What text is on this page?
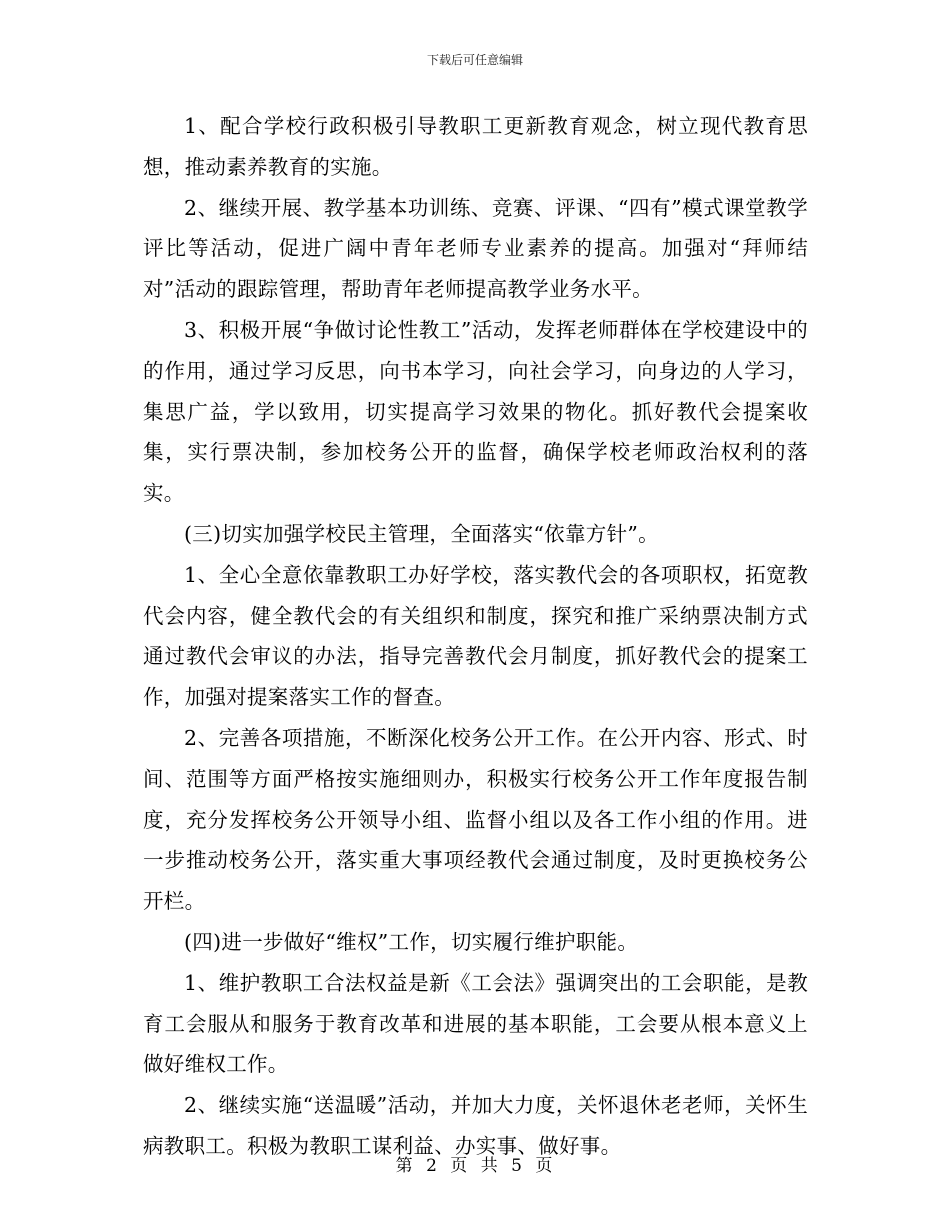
下载后可任意编辑

1、配合学校行政积极引导教职工更新教育观念，树立现代教育思想，推动素养教育的实施。

2、继续开展、教学基本功训练、竞赛、评课、“四有”模式课堂教学评比等活动，促进广阔中青年老师专业素养的提高。加强对“拜师结对”活动的跟踪管理，帮助青年老师提高教学业务水平。

3、积极开展“争做讨论性教工”活动，发挥老师群体在学校建设中的的作用，通过学习反思，向书本学习，向社会学习，向身边的人学习，集思广益，学以致用，切实提高学习效果的物化。抓好教代会提案收集，实行票决制，参加校务公开的监督，确保学校老师政治权利的落实。

(三)切实加强学校民主管理，全面落实“依靠方针”。

1、全心全意依靠教职工办好学校，落实教代会的各项职权，拓宽教代会内容，健全教代会的有关组织和制度，探究和推广采纳票决制方式通过教代会审议的办法，指导完善教代会月制度，抓好教代会的提案工作，加强对提案落实工作的督查。

2、完善各项措施，不断深化校务公开工作。在公开内容、形式、时间、范围等方面严格按实施细则办，积极实行校务公开工作年度报告制度，充分发挥校务公开领导小组、监督小组以及各工作小组的作用。进一步推动校务公开，落实重大事项经教代会通过制度，及时更换校务公开栏。

(四)进一步做好“维权”工作，切实履行维护职能。

1、维护教职工合法权益是新《工会法》强调突出的工会职能，是教育工会服从和服务于教育改革和进展的基本职能，工会要从根本意义上做好维权工作。

2、继续实施“送温暖”活动，并加大力度，关怀退休老老师，关怀生病教职工。积极为教职工谋利益、办实事、做好事。

第 2 页 共 5 页
